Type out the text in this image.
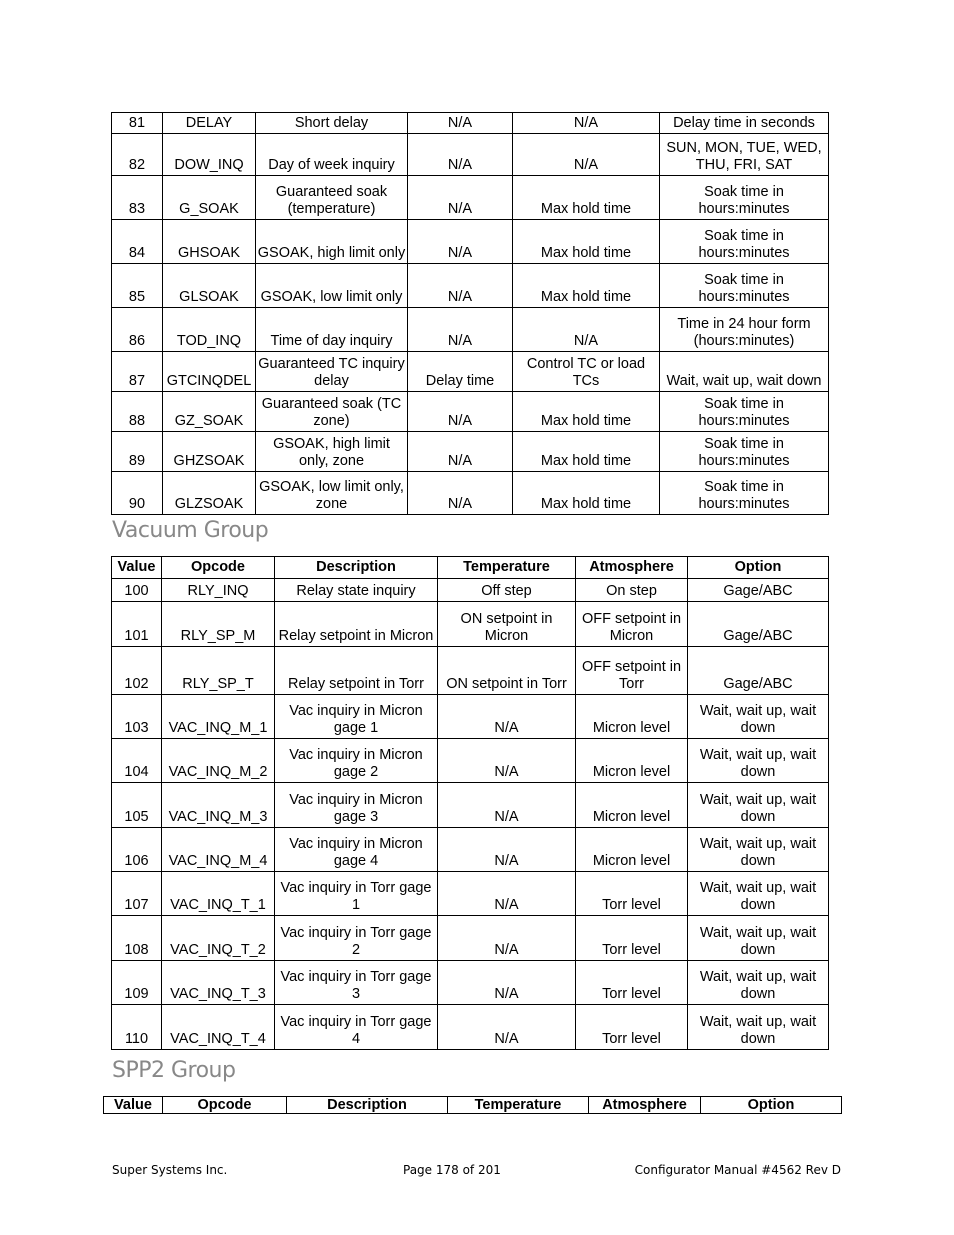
81	DELAY	Short delay	N/A	N/A	Delay time in seconds
82	DOW_INQ	Day of week inquiry	N/A	N/A	SUN, MON, TUE, WED, THU, FRI, SAT
83	G_SOAK	Guaranteed soak (temperature)	N/A	Max hold time	Soak time in hours:minutes
84	GHSOAK	GSOAK, high limit only	N/A	Max hold time	Soak time in hours:minutes
85	GLSOAK	GSOAK, low limit only	N/A	Max hold time	Soak time in hours:minutes
86	TOD_INQ	Time of day inquiry	N/A	N/A	Time in 24 hour form (hours:minutes)
87	GTCINQDEL	Guaranteed TC inquiry delay	Delay time	Control TC or load TCs	Wait, wait up, wait down
88	GZ_SOAK	Guaranteed soak (TC zone)	N/A	Max hold time	Soak time in hours:minutes
89	GHZSOAK	GSOAK, high limit only, zone	N/A	Max hold time	Soak time in hours:minutes
90	GLZSOAK	GSOAK, low limit only, zone	N/A	Max hold time	Soak time in hours:minutes
Vacuum Group
Value	Opcode	Description	Temperature	Atmosphere	Option
100	RLY_INQ	Relay state inquiry	Off step	On step	Gage/ABC
101	RLY_SP_M	Relay setpoint in Micron	ON setpoint in Micron	OFF setpoint in Micron	Gage/ABC
102	RLY_SP_T	Relay setpoint in Torr	ON setpoint in Torr	OFF setpoint in Torr	Gage/ABC
103	VAC_INQ_M_1	Vac inquiry in Micron gage 1	N/A	Micron level	Wait, wait up, wait down
104	VAC_INQ_M_2	Vac inquiry in Micron gage 2	N/A	Micron level	Wait, wait up, wait down
105	VAC_INQ_M_3	Vac inquiry in Micron gage 3	N/A	Micron level	Wait, wait up, wait down
106	VAC_INQ_M_4	Vac inquiry in Micron gage 4	N/A	Micron level	Wait, wait up, wait down
107	VAC_INQ_T_1	Vac inquiry in Torr gage 1	N/A	Torr level	Wait, wait up, wait down
108	VAC_INQ_T_2	Vac inquiry in Torr gage 2	N/A	Torr level	Wait, wait up, wait down
109	VAC_INQ_T_3	Vac inquiry in Torr gage 3	N/A	Torr level	Wait, wait up, wait down
110	VAC_INQ_T_4	Vac inquiry in Torr gage 4	N/A	Torr level	Wait, wait up, wait down
SPP2 Group
Value	Opcode	Description	Temperature	Atmosphere	Option
Super Systems Inc.	Page 178 of 201	Configurator Manual #4562 Rev D
